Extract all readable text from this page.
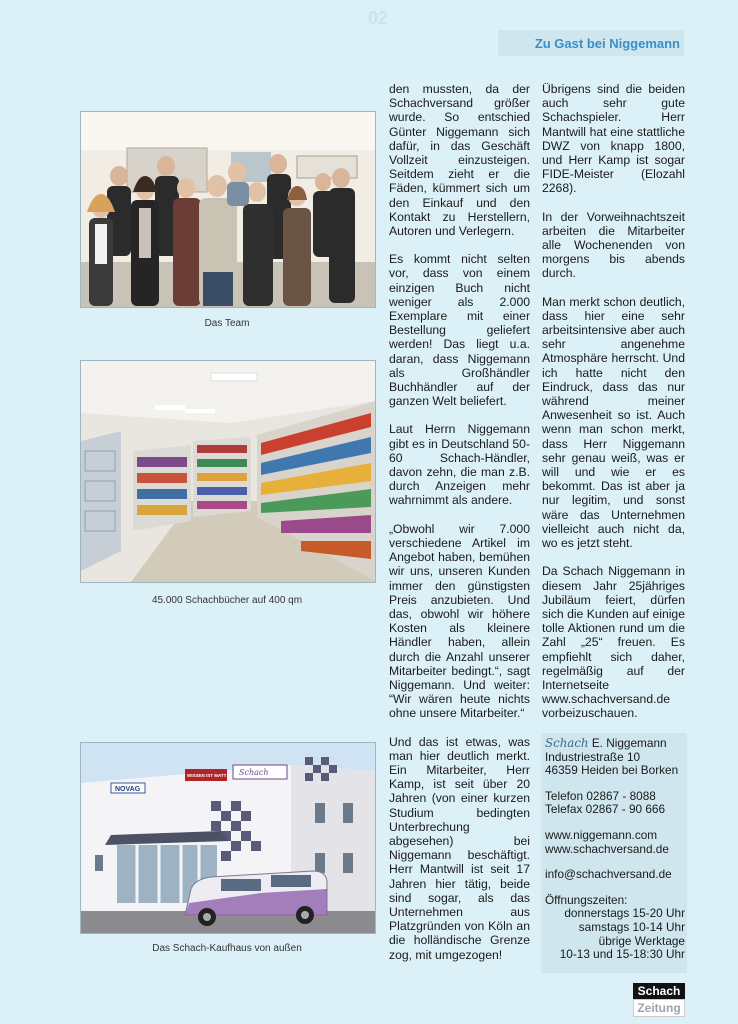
02
Zu Gast bei Niggemann
Das Team
45.000 Schachbücher auf 400 qm
NOVAG
WISSEN IST MATT Schach
Das Schach-Kaufhaus von außen

den mussten, da der Schachversand größer wurde. So entschied Günter Niggemann sich dafür, in das Geschäft Vollzeit einzusteigen. Seitdem zieht er die Fäden, kümmert sich um den Einkauf und den Kontakt zu Herstellern, Autoren und Verlegern.

Es kommt nicht selten vor, dass von einem einzigen Buch nicht weniger als 2.000 Exemplare mit einer Bestellung geliefert werden! Das liegt u.a. daran, dass Niggemann als Großhändler Buchhändler auf der ganzen Welt beliefert.

Laut Herrn Niggemann gibt es in Deutschland 50-60 Schach-Händler, davon zehn, die man z.B. durch Anzeigen mehr wahrnimmt als andere.

„Obwohl wir 7.000 verschiedene Artikel im Angebot haben, bemühen wir uns, unseren Kunden immer den günstigsten Preis anzubieten. Und das, obwohl wir höhere Kosten als kleinere Händler haben, allein durch die Anzahl unserer Mitarbeiter bedingt.“, sagt Niggemann. Und weiter: “Wir wären heute nichts ohne unsere Mitarbeiter.“

Und das ist etwas, was man hier deutlich merkt. Ein Mitarbeiter, Herr Kamp, ist seit über 20 Jahren (von einer kurzen Studium bedingten Unterbrechung abgesehen) bei Niggemann beschäftigt. Herr Mantwill ist seit 17 Jahren hier tätig, beide sind sogar, als das Unternehmen aus Platzgründen von Köln an die holländische Grenze zog, mit umgezogen!

Übrigens sind die beiden auch sehr gute Schachspieler. Herr Mantwill hat eine stattliche DWZ von knapp 1800, und Herr Kamp ist sogar FIDE-Meister (Elozahl 2268).

In der Vorweihnachtszeit arbeiten die Mitarbeiter alle Wochenenden von morgens bis abends durch.

Man merkt schon deutlich, dass hier eine sehr arbeitsintensive aber auch sehr angenehme Atmosphäre herrscht. Und ich hatte nicht den Eindruck, dass das nur während meiner Anwesenheit so ist. Auch wenn man schon merkt, dass Herr Niggemann sehr genau weiß, was er will und wie er es bekommt. Das ist aber ja nur legitim, und sonst wäre das Unternehmen vielleicht auch nicht da, wo es jetzt steht.

Da Schach Niggemann in diesem Jahr 25jähriges Jubiläum feiert, dürfen sich die Kunden auf einige tolle Aktionen rund um die Zahl „25“ freuen. Es empfiehlt sich daher, regelmäßig auf der Internetseite www.schachversand.de vorbeizuschauen.

Schach E. Niggemann
Industriestraße 10
46359 Heiden bei Borken
Telefon 02867 - 8088
Telefax 02867 - 90 666
www.niggemann.com
www.schachversand.de
info@schachversand.de
Öffnungszeiten:
donnerstags 15-20 Uhr
samstags 10-14 Uhr
übrige Werktage
10-13 und 15-18:30 Uhr
Schach
Zeitung
